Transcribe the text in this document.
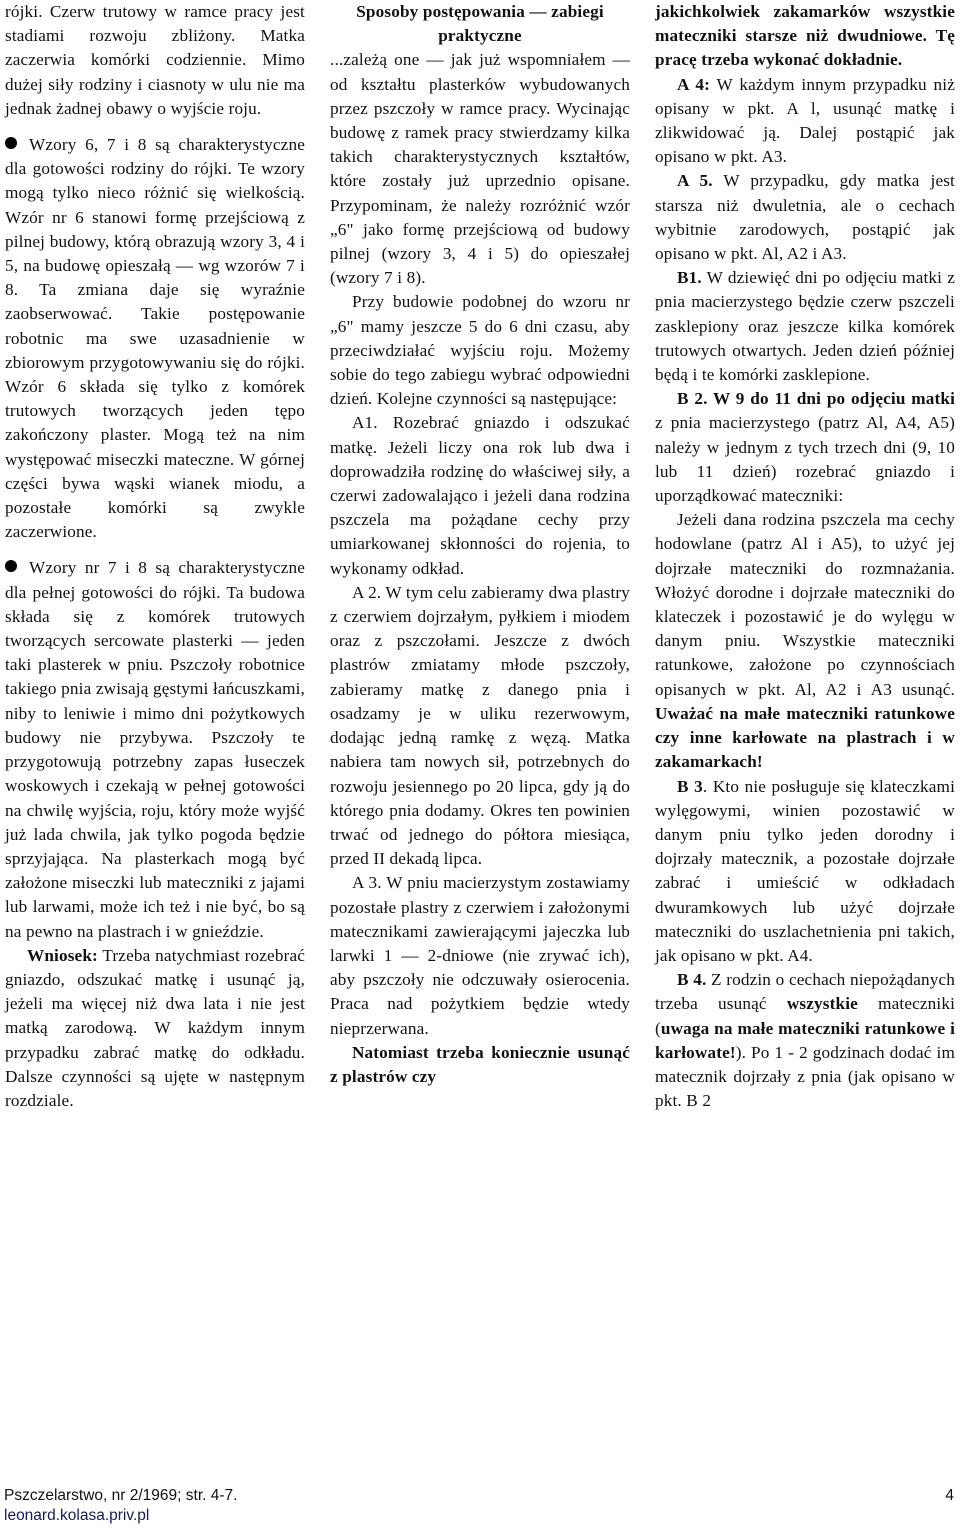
rójki. Czerw trutowy w ramce pracy jest stadiami rozwoju zbliżony. Matka zaczerwia komórki codziennie. Mimo dużej siły rodziny i ciasnoty w ulu nie ma jednak żadnej obawy o wyjście roju.

Wzory 6, 7 i 8 są charakterystyczne dla gotowości rodziny do rójki. Te wzory mogą tylko nieco różnić się wielkością. Wzór nr 6 stanowi formę przejściową z pilnej budowy, którą obrazują wzory 3, 4 i 5, na budowę opieszałą — wg wzorów 7 i 8. Ta zmiana daje się wyraźnie zaobserwować. Takie postępowanie robotnic ma swe uzasadnienie w zbiorowym przygotowywaniu się do rójki. Wzór 6 składa się tylko z komórek trutowych tworzących jeden tępo zakończony plaster. Mogą też na nim występować miseczki mateczne. W górnej części bywa wąski wianek miodu, a pozostałe komórki są zwykle zaczerwione.

Wzory nr 7 i 8 są charakterystyczne dla pełnej gotowości do rójki. Ta budowa składa się z komórek trutowych tworzących sercowate plasterki — jeden taki plasterek w pniu. Pszczoły robotnice takiego pnia zwisają gęstymi łańcuszkami, niby to leniwie i mimo dni pożytkowych budowy nie przybywa. Pszczoły te przygotowują potrzebny zapas łuseczek woskowych i czekają w pełnej gotowości na chwilę wyjścia, roju, który może wyjść już lada chwila, jak tylko pogoda będzie sprzyjająca. Na plasterkach mogą być założone miseczki lub mateczniki z jajami lub larwami, może ich też i nie być, bo są na pewno na plastrach i w gnieździe.

Wniosek: Trzeba natychmiast rozebrać gniazdo, odszukać matkę i usunąć ją, jeżeli ma więcej niż dwa lata i nie jest matką zarodową. W każdym innym przypadku zabrać matkę do odkładu. Dalsze czynności są ujęte w następnym rozdziale.

Sposoby postępowania — zabiegi praktyczne

...zależą one — jak już wspomniałem — od kształtu plasterków wybudowanych przez pszczoły w ramce pracy. Wycinając budowę z ramek pracy stwierdzamy kilka takich charakterystycznych kształtów, które zostały już uprzednio opisane. Przypominam, że należy rozróżnić wzór „6" jako formę przejściową od budowy pilnej (wzory 3, 4 i 5) do opieszałej (wzory 7 i 8).

Przy budowie podobnej do wzoru nr „6" mamy jeszcze 5 do 6 dni czasu, aby przeciwdziałać wyjściu roju. Możemy sobie do tego zabiegu wybrać odpowiedni dzień. Kolejne czynności są następujące:

A1. Rozebrać gniazdo i odszukać matkę. Jeżeli liczy ona rok lub dwa i doprowadziła rodzinę do właściwej siły, a czerwi zadowalająco i jeżeli dana rodzina pszczela ma pożądane cechy przy umiarkowanej skłonności do rojenia, to wykonamy odkład.

A 2. W tym celu zabieramy dwa plastry z czerwiem dojrzałym, pyłkiem i miodem oraz z pszczołami. Jeszcze z dwóch plastrów zmiatamy młode pszczoły, zabieramy matkę z danego pnia i osadzamy je w uliku rezerwowym, dodając jedną ramkę z węzą. Matka nabiera tam nowych sił, potrzebnych do rozwoju jesiennego po 20 lipca, gdy ją do którego pnia dodamy. Okres ten powinien trwać od jednego do półtora miesiąca, przed II dekadą lipca.

A 3. W pniu macierzystym zostawiamy pozostałe plastry z czerwiem i założonymi matecznikami zawierającymi jajeczka lub larwki 1 — 2-dniowe (nie zrywać ich), aby pszczoły nie odczuwały osierocenia. Praca nad pożytkiem będzie wtedy nieprzerwana.

Natomiast trzeba koniecznie usunąć z plastrów czy

jakichkolwiek zakamarków wszystkie mateczniki starsze niż dwudniowe. Tę pracę trzeba wykonać dokładnie.

A 4: W każdym innym przypadku niż opisany w pkt. A l, usunąć matkę i zlikwidować ją. Dalej postąpić jak opisano w pkt. A3.

A 5. W przypadku, gdy matka jest starsza niż dwuletnia, ale o cechach wybitnie zarodowych, postąpić jak opisano w pkt. Al, A2 i A3.

B1. W dziewięć dni po odjęciu matki z pnia macierzystego będzie czerw pszczeli zasklepiony oraz jeszcze kilka komórek trutowych otwartych. Jeden dzień później będą i te komórki zasklepione.

B 2. W 9 do 11 dni po odjęciu matki z pnia macierzystego (patrz Al, A4, A5) należy w jednym z tych trzech dni (9, 10 lub 11 dzień) rozebrać gniazdo i uporządkować mateczniki:

Jeżeli dana rodzina pszczela ma cechy hodowlane (patrz Al i A5), to użyć jej dojrzałe mateczniki do rozmnażania. Włożyć dorodne i dojrzałe mateczniki do klateczek i pozostawić je do wylęgu w danym pniu. Wszystkie mateczniki ratunkowe, założone po czynnościach opisanych w pkt. Al, A2 i A3 usunąć. Uważać na małe mateczniki ratunkowe czy inne karłowate na plastrach i w zakamarkach!

B 3. Kto nie posługuje się klateczkami wylęgowymi, winien pozostawić w danym pniu tylko jeden dorodny i dojrzały matecznik, a pozostałe dojrzałe zabrać i umieścić w odkładach dwuramkowych lub użyć dojrzałe mateczniki do uszlachetnienia pni takich, jak opisano w pkt. A4.

B 4. Z rodzin o cechach niepożądanych trzeba usunąć wszystkie mateczniki (uwaga na małe mateczniki ratunkowe i karłowate!). Po 1 - 2 godzinach dodać im matecznik dojrzały z pnia (jak opisano w pkt. B 2

Pszczelarstwo, nr 2/1969; str. 4-7.
leonard.kolasa.priv.pl
4
